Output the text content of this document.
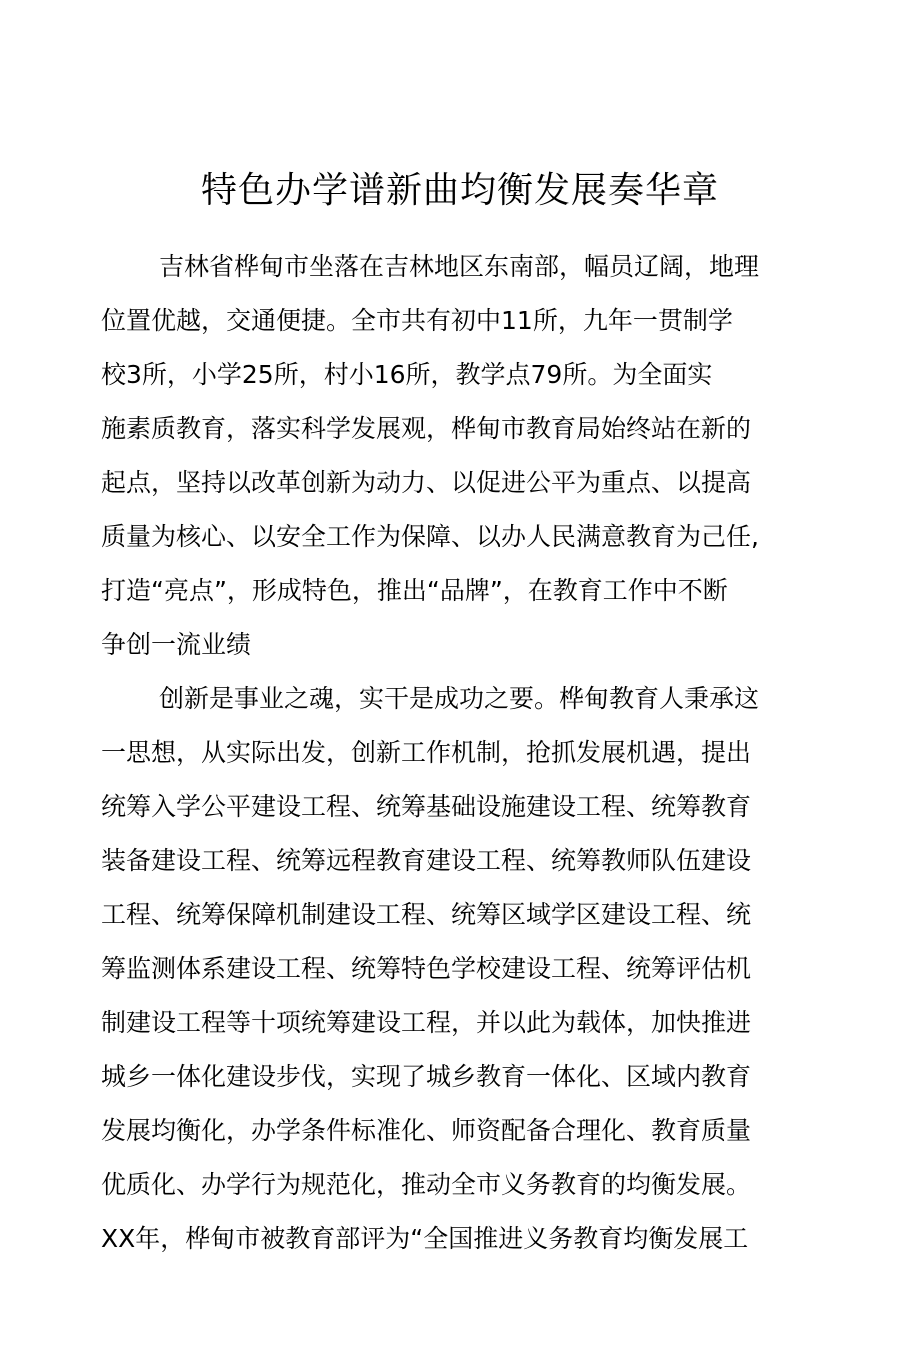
特色办学谱新曲均衡发展奏华章
吉林省桦甸市坐落在吉林地区东南部，幅员辽阔，地理
位置优越，交通便捷。全市共有初中11所，九年一贯制学
校3所，小学25所，村小16所，教学点79所。为全面实
施素质教育，落实科学发展观，桦甸市教育局始终站在新的
起点，坚持以改革创新为动力、以促进公平为重点、以提高
质量为核心、以安全工作为保障、以办人民满意教育为己任,
打造“亮点”，形成特色，推出“品牌”，在教育工作中不断
争创一流业绩
创新是事业之魂，实干是成功之要。桦甸教育人秉承这
一思想，从实际出发，创新工作机制，抢抓发展机遇，提出
统筹入学公平建设工程、统筹基础设施建设工程、统筹教育
装备建设工程、统筹远程教育建设工程、统筹教师队伍建设
工程、统筹保障机制建设工程、统筹区域学区建设工程、统
筹监测体系建设工程、统筹特色学校建设工程、统筹评估机
制建设工程等十项统筹建设工程，并以此为载体，加快推进
城乡一体化建设步伐，实现了城乡教育一体化、区域内教育
发展均衡化，办学条件标准化、师资配备合理化、教育质量
优质化、办学行为规范化，推动全市义务教育的均衡发展。
XX年，桦甸市被教育部评为“全国推进义务教育均衡发展工
